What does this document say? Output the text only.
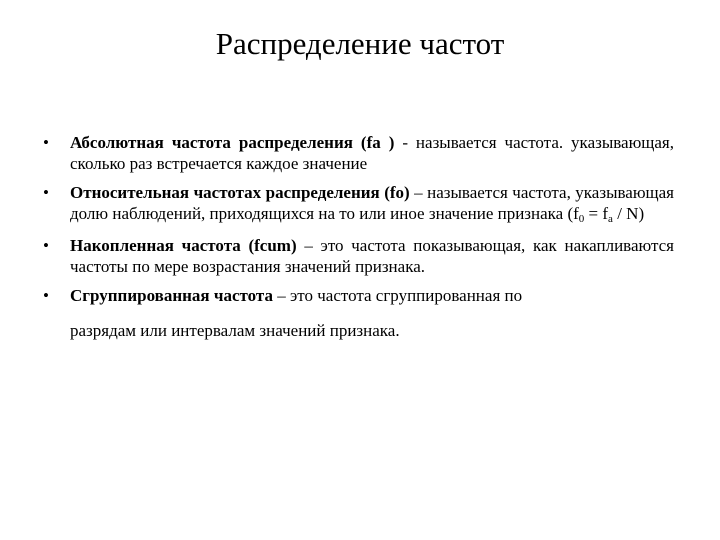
Распределение частот
• Абсолютная частота распределения (fa ) - называется частота. указывающая, сколько раз встречается каждое значение
• Относительная частотах распределения (fo) – называется частота, указывающая долю наблюдений, приходящихся на то или иное значение признака $(f_0 = f_a / N)$
• Накопленная частота (fcum) – это частота показывающая, как накапливаются частоты по мере возрастания значений признака.
• Сгруппированная частота – это частота сгруппированная по
разрядам или интервалам значений признака.
